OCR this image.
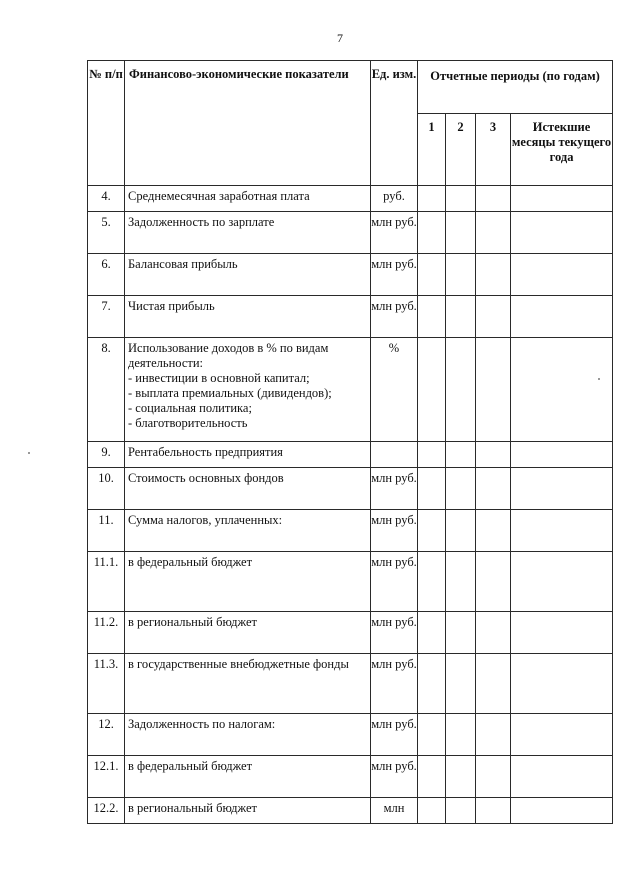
7
№ п/п	Финансово-экономические показатели	Ед. изм.	Отчетные периоды (по годам)			
			1	2	3	Истекшие месяцы текущего года
4.	Среднемесячная заработная плата	руб.				
5.	Задолженность по зарплате	млн руб.				
6.	Балансовая прибыль	млн руб.				
7.	Чистая прибыль	млн руб.				
8.	Использование доходов в % по видам деятельности:
- инвестиции в основной капитал;
- выплата премиальных (дивидендов);
- социальная политика;
- благотворительность	%				
9.	Рентабельность предприятия					

10.	Стоимость основных фондов	млн руб.				
11.	Сумма налогов, уплаченных:	млн руб.				
11.1.	в федеральный бюджет	млн руб.				
11.2.	в региональный бюджет	млн руб.				
11.3.	в государственные внебюджетные фонды	млн руб.				
12.	Задолженность по налогам:	млн руб.				
12.1.	в федеральный бюджет	млн руб.				
12.2.	в региональный бюджет	млн				
